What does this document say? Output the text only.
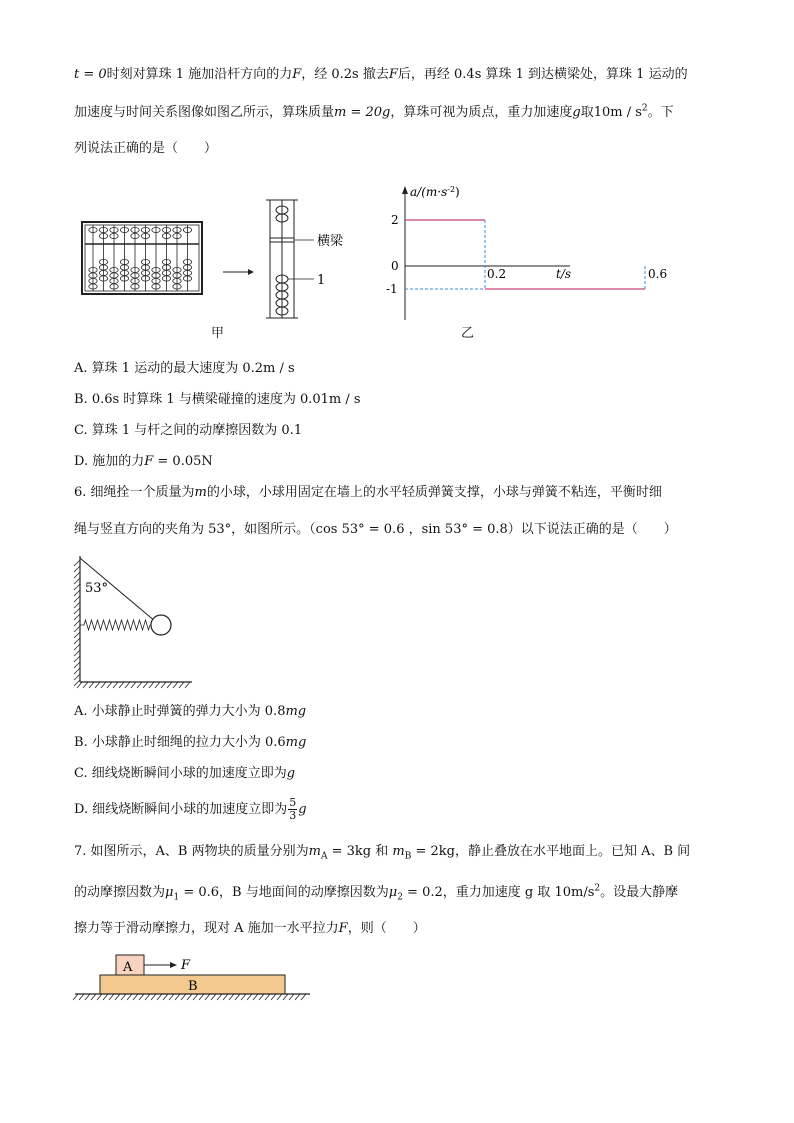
t = 0时刻对算珠 1 施加沿杆方向的力F，经 0.2s 撤去F后，再经 0.4s 算珠 1 到达横梁处，算珠 1 运动的
加速度与时间关系图像如图乙所示，算珠质量m = 20g，算珠可视为质点，重力加速度g取$10m / s^2$。下
列说法正确的是（　　）
横梁
1
甲
2
0
-1
0.2	0.6
$a/(m\cdot s^{-2})$
t/s
乙
A. 算珠 1 运动的最大速度为 0.2m / s
B. 0.6s 时算珠 1 与横梁碰撞的速度为 0.01m / s
C. 算珠 1 与杆之间的动摩擦因数为 0.1
D. 施加的力F = 0.05N
6. 细绳拴一个质量为m的小球，小球用固定在墙上的水平轻质弹簧支撑，小球与弹簧不粘连，平衡时细
绳与竖直方向的夹角为 53°，如图所示。（cos 53° = 0.6 ，sin 53° = 0.8）以下说法正确的是（　　）
53°
A. 小球静止时弹簧的弹力大小为 0.8mg
B. 小球静止时细绳的拉力大小为 0.6mg
C. 细线烧断瞬间小球的加速度立即为g
D. 细线烧断瞬间小球的加速度立即为 $\frac{5}{3}$ g
7. 如图所示，A、B 两物块的质量分别为$m_A = 3kg$ 和 $m_B = 2kg$，静止叠放在水平地面上。已知 A、B 间
的动摩擦因数为$\mu_1 = 0.6$，B 与地面间的动摩擦因数为$\mu_2 = 0.2$，重力加速度 g 取 $10m/s^2$。设最大静摩
擦力等于滑动摩擦力，现对 A 施加一水平拉力F，则（　　）
A
B
F
